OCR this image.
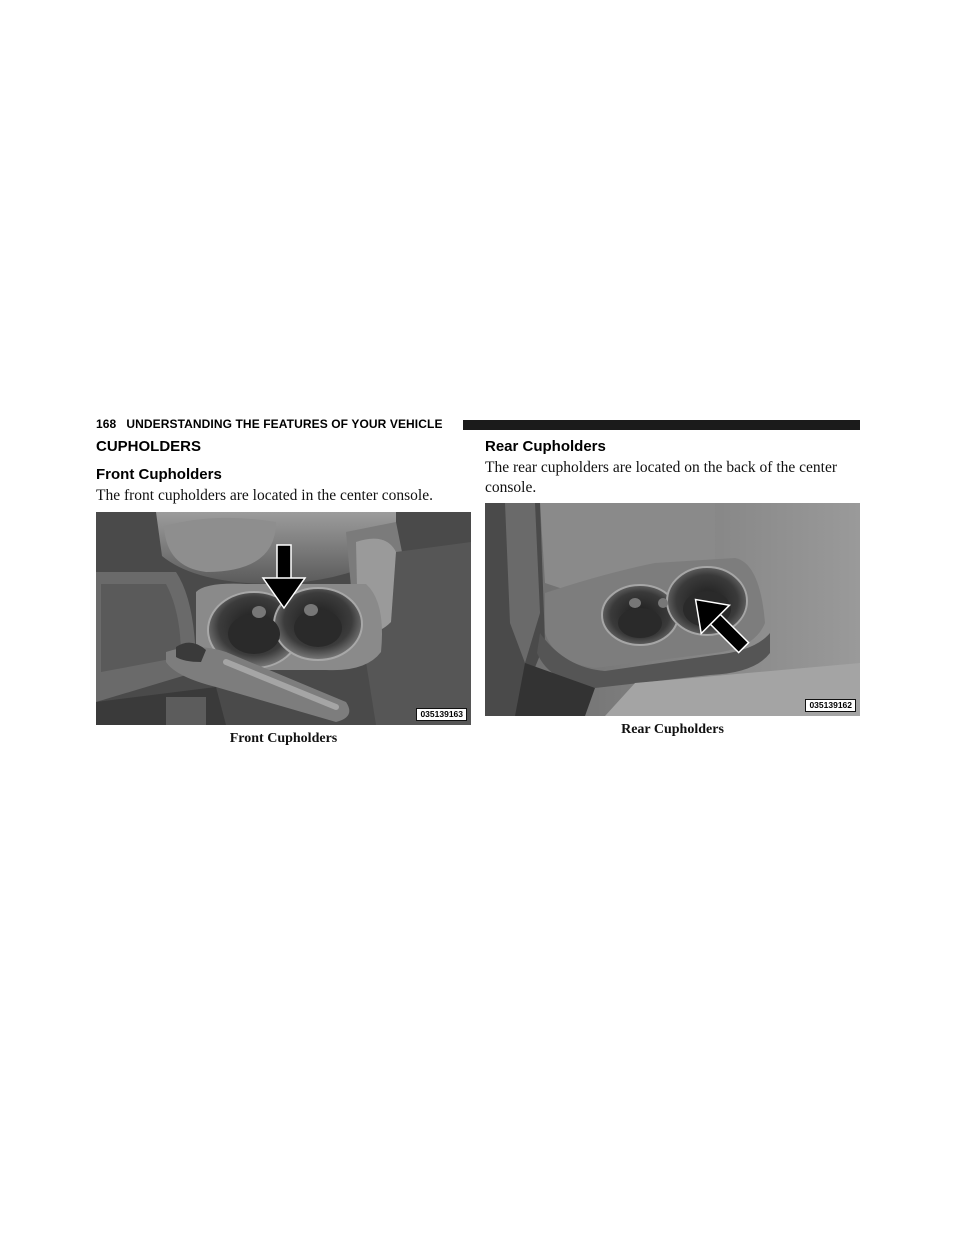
168 UNDERSTANDING THE FEATURES OF YOUR VEHICLE
CUPHOLDERS
Front Cupholders

The front cupholders are located in the center console.

035139163

Front Cupholders

Rear Cupholders

The rear cupholders are located on the back of the center console.

035139162

Rear Cupholders
